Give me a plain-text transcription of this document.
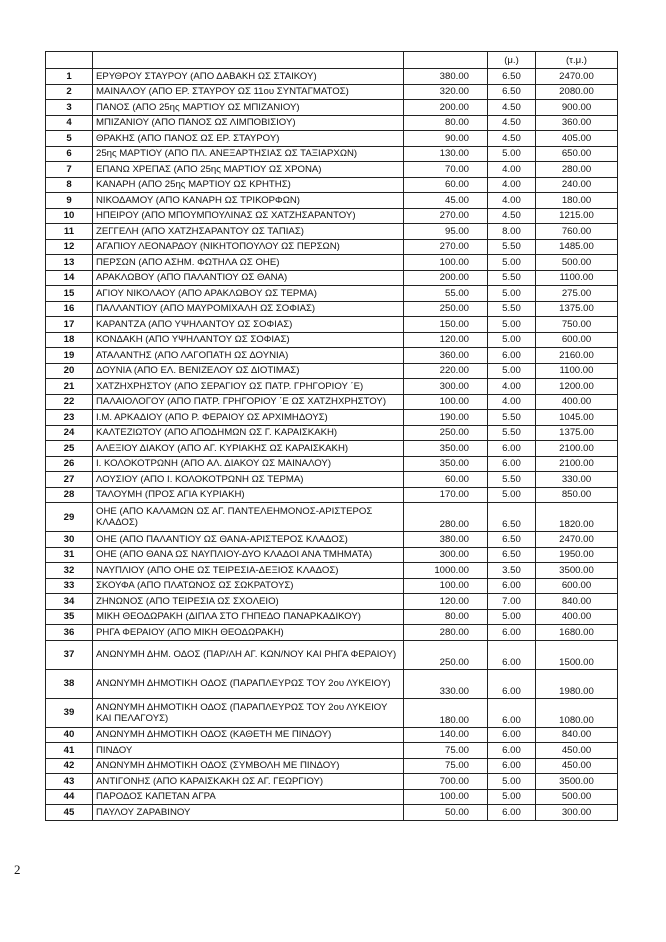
			(μ.)	(τ.μ.)
1	ΕΡΥΘΡΟΥ ΣΤΑΥΡΟΥ (ΑΠΟ ΔΑΒΑΚΗ ΩΣ ΣΤΑΙΚΟΥ)	380.00	6.50	2470.00
2	ΜΑΙΝΑΛΟΥ (ΑΠΟ ΕΡ. ΣΤΑΥΡΟΥ ΩΣ 11ου ΣΥΝΤΑΓΜΑΤΟΣ)	320.00	6.50	2080.00
3	ΠΑΝΟΣ (ΑΠΟ 25ης ΜΑΡΤΙΟΥ ΩΣ ΜΠΙΖΑΝΙΟΥ)	200.00	4.50	900.00
4	ΜΠΙΖΑΝΙΟΥ (ΑΠΟ ΠΑΝΟΣ ΩΣ ΛΙΜΠΟΒΙΣΙΟΥ)	80.00	4.50	360.00
5	ΘΡΑΚΗΣ (ΑΠΟ ΠΑΝΟΣ ΩΣ ΕΡ. ΣΤΑΥΡΟΥ)	90.00	4.50	405.00
6	25ης ΜΑΡΤΙΟΥ (ΑΠΟ ΠΛ. ΑΝΕΞΑΡΤΗΣΙΑΣ ΩΣ ΤΑΞΙΑΡΧΩΝ)	130.00	5.00	650.00
7	ΕΠΑΝΩ ΧΡΕΠΑΣ (ΑΠΟ 25ης ΜΑΡΤΙΟΥ ΩΣ ΧΡΟΝΑ)	70.00	4.00	280.00
8	ΚΑΝΑΡΗ (ΑΠΟ 25ης ΜΑΡΤΙΟΥ ΩΣ ΚΡΗΤΗΣ)	60.00	4.00	240.00
9	ΝΙΚΟΔΑΜΟΥ (ΑΠΟ ΚΑΝΑΡΗ ΩΣ ΤΡΙΚΟΡΦΩΝ)	45.00	4.00	180.00
10	ΗΠΕΙΡΟΥ (ΑΠΟ ΜΠΟΥΜΠΟΥΛΙΝΑΣ ΩΣ ΧΑΤΖΗΣΑΡΑΝΤΟΥ)	270.00	4.50	1215.00
11	ΖΕΓΓΕΛΗ (ΑΠΟ ΧΑΤΖΗΣΑΡΑΝΤΟΥ ΩΣ ΤΑΠΙΑΣ)	95.00	8.00	760.00
12	ΑΓΑΠΙΟΥ ΛΕΟΝΑΡΔΟΥ (ΝΙΚΗΤΟΠΟΥΛΟΥ ΩΣ ΠΕΡΣΩΝ)	270.00	5.50	1485.00
13	ΠΕΡΣΩΝ (ΑΠΟ ΑΣΗΜ. ΦΩΤΗΛΑ ΩΣ ΟΗΕ)	100.00	5.00	500.00
14	ΑΡΑΚΛΩΒΟΥ (ΑΠΟ ΠΑΛΑΝΤΙΟΥ ΩΣ ΘΑΝΑ)	200.00	5.50	1100.00
15	ΑΓΙΟΥ ΝΙΚΟΛΑΟΥ (ΑΠΟ ΑΡΑΚΛΩΒΟΥ ΩΣ ΤΕΡΜΑ)	55.00	5.00	275.00
16	ΠΑΛΛΑΝΤΙΟΥ (ΑΠΟ ΜΑΥΡΟΜΙΧΑΛΗ ΩΣ ΣΟΦΙΑΣ)	250.00	5.50	1375.00
17	ΚΑΡΑΝΤΖΑ (ΑΠΟ ΥΨΗΛΑΝΤΟΥ ΩΣ ΣΟΦΙΑΣ)	150.00	5.00	750.00
18	ΚΟΝΔΑΚΗ (ΑΠΟ ΥΨΗΛΑΝΤΟΥ ΩΣ ΣΟΦΙΑΣ)	120.00	5.00	600.00
19	ΑΤΑΛΑΝΤΗΣ (ΑΠΟ ΛΑΓΟΠΑΤΗ ΩΣ ΔΟΥΝΙΑ)	360.00	6.00	2160.00
20	ΔΟΥΝΙΑ (ΑΠΟ ΕΛ. ΒΕΝΙΖΕΛΟΥ ΩΣ ΔΙΟΤΙΜΑΣ)	220.00	5.00	1100.00
21	ΧΑΤΖΗΧΡΗΣΤΟΥ (ΑΠΟ ΣΕΡΑΓΙΟΥ ΩΣ ΠΑΤΡ. ΓΡΗΓΟΡΙΟΥ ΄Ε)	300.00	4.00	1200.00
22	ΠΑΛΑΙΟΛΟΓΟΥ (ΑΠΟ ΠΑΤΡ. ΓΡΗΓΟΡΙΟΥ ΄Ε ΩΣ ΧΑΤΖΗΧΡΗΣΤΟΥ)	100.00	4.00	400.00
23	Ι.Μ. ΑΡΚΑΔΙΟΥ (ΑΠΟ Ρ. ΦΕΡΑΙΟΥ ΩΣ ΑΡΧΙΜΗΔΟΥΣ)	190.00	5.50	1045.00
24	ΚΑΛΤΕΖΙΩΤΟΥ (ΑΠΟ ΑΠΟΔΗΜΩΝ ΩΣ Γ. ΚΑΡΑΙΣΚΑΚΗ)	250.00	5.50	1375.00
25	ΑΛΕΞΙΟΥ ΔΙΑΚΟΥ (ΑΠΟ ΑΓ. ΚΥΡΙΑΚΗΣ ΩΣ ΚΑΡΑΙΣΚΑΚΗ)	350.00	6.00	2100.00
26	Ι. ΚΟΛΟΚΟΤΡΩΝΗ (ΑΠΟ ΑΛ. ΔΙΑΚΟΥ ΩΣ ΜΑΙΝΑΛΟΥ)	350.00	6.00	2100.00
27	ΛΟΥΣΙΟΥ (ΑΠΟ Ι. ΚΟΛΟΚΟΤΡΩΝΗ ΩΣ ΤΕΡΜΑ)	60.00	5.50	330.00
28	ΤΑΛΟΥΜΗ (ΠΡΟΣ ΑΓΙΑ ΚΥΡΙΑΚΗ)	170.00	5.00	850.00
29	ΟΗΕ (ΑΠΟ ΚΑΛΑΜΩΝ ΩΣ ΑΓ. ΠΑΝΤΕΛΕΗΜΟΝΟΣ-ΑΡΙΣΤΕΡΟΣ ΚΛΑΔΟΣ)	280.00	6.50	1820.00
30	ΟΗΕ (ΑΠΟ ΠΑΛΑΝΤΙΟΥ ΩΣ ΘΑΝΑ-ΑΡΙΣΤΕΡΟΣ ΚΛΑΔΟΣ)	380.00	6.50	2470.00
31	ΟΗΕ (ΑΠΟ ΘΑΝΑ ΩΣ ΝΑΥΠΛΙΟΥ-ΔΥΟ ΚΛΑΔΟΙ ΑΝΑ ΤΜΗΜΑΤΑ)	300.00	6.50	1950.00
32	ΝΑΥΠΛΙΟΥ (ΑΠΟ ΟΗΕ ΩΣ ΤΕΙΡΕΣΙΑ-ΔΕΞΙΟΣ ΚΛΑΔΟΣ)	1000.00	3.50	3500.00
33	ΣΚΟΥΦΑ (ΑΠΟ ΠΛΑΤΩΝΟΣ ΩΣ ΣΩΚΡΑΤΟΥΣ)	100.00	6.00	600.00
34	ΖΗΝΩΝΟΣ (ΑΠΟ ΤΕΙΡΕΣΙΑ ΩΣ ΣΧΟΛΕΙΟ)	120.00	7.00	840.00
35	ΜΙΚΗ ΘΕΟΔΩΡΑΚΗ (ΔΙΠΛΑ ΣΤΟ ΓΗΠΕΔΟ ΠΑΝΑΡΚΑΔΙΚΟΥ)	80.00	5.00	400.00
36	ΡΗΓΑ ΦΕΡΑΙΟΥ (ΑΠΟ ΜΙΚΗ ΘΕΟΔΩΡΑΚΗ)	280.00	6.00	1680.00
37	ΑΝΩΝΥΜΗ ΔΗΜ. ΟΔΟΣ (ΠΑΡ/ΛΗ ΑΓ. ΚΩΝ/ΝΟΥ ΚΑΙ ΡΗΓΑ ΦΕΡΑΙΟΥ)	250.00	6.00	1500.00
38	ΑΝΩΝΥΜΗ ΔΗΜΟΤΙΚΗ ΟΔΟΣ (ΠΑΡΑΠΛΕΥΡΩΣ ΤΟΥ 2ου ΛΥΚΕΙΟΥ)	330.00	6.00	1980.00
39	ΑΝΩΝΥΜΗ ΔΗΜΟΤΙΚΗ ΟΔΟΣ (ΠΑΡΑΠΛΕΥΡΩΣ ΤΟΥ 2ου ΛΥΚΕΙΟΥ ΚΑΙ ΠΕΛΑΓΟΥΣ)	180.00	6.00	1080.00
40	ΑΝΩΝΥΜΗ ΔΗΜΟΤΙΚΗ ΟΔΟΣ (ΚΑΘΕΤΗ ΜΕ ΠΙΝΔΟΥ)	140.00	6.00	840.00
41	ΠΙΝΔΟΥ	75.00	6.00	450.00
42	ΑΝΩΝΥΜΗ ΔΗΜΟΤΙΚΗ ΟΔΟΣ (ΣΥΜΒΟΛΗ ΜΕ ΠΙΝΔΟΥ)	75.00	6.00	450.00
43	ΑΝΤΙΓΟΝΗΣ (ΑΠΟ ΚΑΡΑΙΣΚΑΚΗ ΩΣ ΑΓ. ΓΕΩΡΓΙΟΥ)	700.00	5.00	3500.00
44	ΠΑΡΟΔΟΣ ΚΑΠΕΤΑΝ ΑΓΡΑ	100.00	5.00	500.00
45	ΠΑΥΛΟΥ ΖΑΡΑΒΙΝΟΥ	50.00	6.00	300.00
2
